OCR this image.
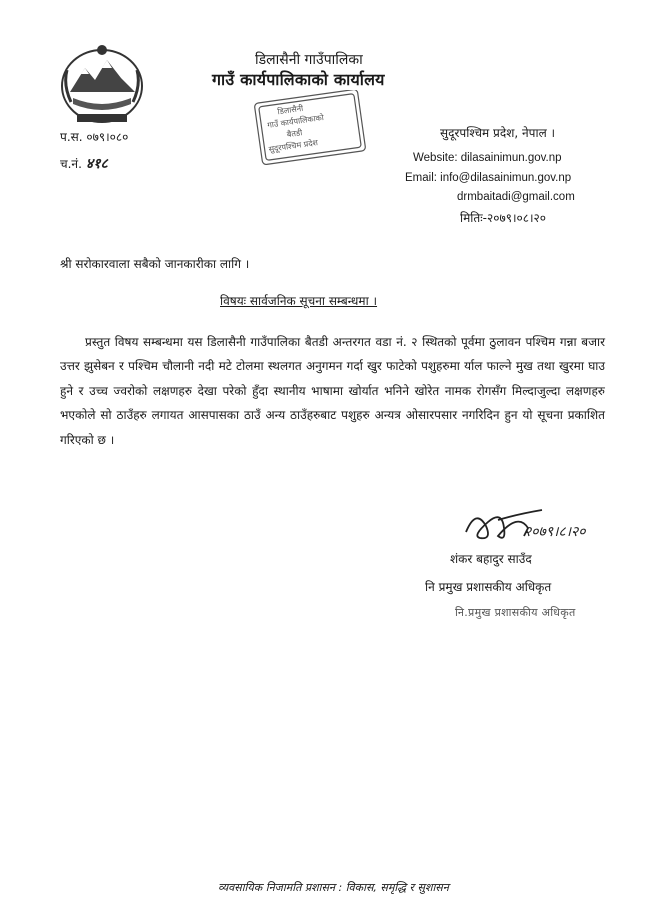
डिलासैनी गाउँपालिका
गाउँ कार्यपालिकाको कार्यालय
डिलासैनी
गाउँ कार्यपालिकाको
बैतडी
सुदूरपश्चिम प्रदेश
सुदूरपश्चिम प्रदेश, नेपाल ।
प.स. ०७९।०८०
च.नं. ४१८	Website: dilasainimun.gov.np
Email: info@dilasainimun.gov.np
drmbaitadi@gmail.com
मितिः-२०७९।०८।२०
श्री सरोकारवाला सबैको जानकारीका लागि ।
विषयः सार्वजनिक सूचना सम्बन्धमा ।
प्रस्तुत विषय सम्बन्धमा यस डिलासैनी गाउँपालिका बैतडी अन्तरगत वडा नं. २ स्थितको पूर्वमा ठुलावन पश्चिम गन्ना बजार उत्तर झुसेबन र पश्चिम चौलानी नदी मटे टोलमा स्थलगत अनुगमन गर्दा खुर फाटेको पशुहरुमा र्याल फाल्ने मुख तथा खुरमा घाउ हुने र उच्च ज्वरोको लक्षणहरु देखा परेको हुँदा स्थानीय भाषामा खोर्यात भनिने खोरेत नामक रोगसँग मिल्दाजुल्दा लक्षणहरु भएकोले सो ठाउँहरु लगायत आसपासका ठाउँ अन्य ठाउँहरुबाट पशुहरु अन्यत्र ओसारपसार नगरिदिन हुन यो सूचना प्रकाशित गरिएको छ ।
२०७९।८।२०
शंकर बहादुर साउँद
नि प्रमुख प्रशासकीय अधिकृत
नि.प्रमुख प्रशासकीय अधिकृत
व्यवसायिक निजामति प्रशासन : विकास, समृद्धि र सुशासन
